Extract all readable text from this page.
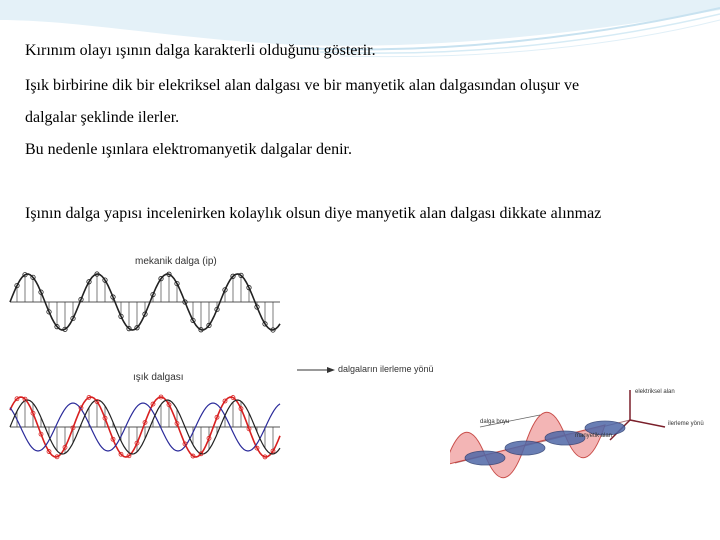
Kırınım olayı ışının dalga karakterli olduğunu gösterir.
Işık birbirine dik bir elekriksel alan dalgası ve bir manyetik alan dalgasından oluşur ve
dalgalar şeklinde ilerler.
Bu nedenle ışınlara elektromanyetik dalgalar denir.
Işının dalga yapısı incelenirken kolaylık olsun diye manyetik alan dalgası dikkate alınmaz
mekanik dalga (ip)
ışık dalgası
dalgaların ilerleme yönü
elektriksel alan
ilerleme yönü
dalga boyu
manyetik alan
